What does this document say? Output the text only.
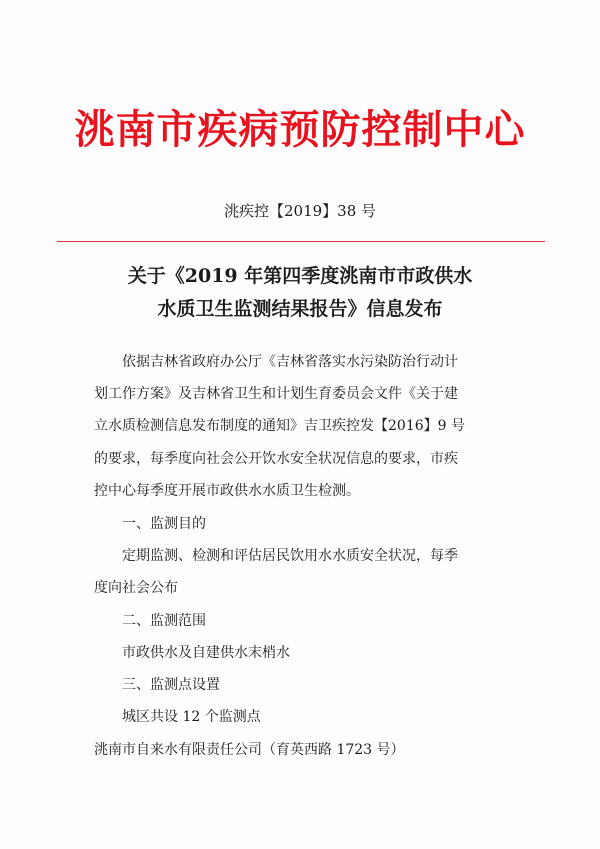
洮南市疾病预防控制中心
洮疾控【2019】38 号
关于《2019 年第四季度洮南市市政供水
水质卫生监测结果报告》信息发布
依据吉林省政府办公厅《吉林省落实水污染防治行动计
划工作方案》及吉林省卫生和计划生育委员会文件《关于建
立水质检测信息发布制度的通知》吉卫疾控发【2016】9 号
的要求，每季度向社会公开饮水安全状况信息的要求，市疾
控中心每季度开展市政供水水质卫生检测。
一、监测目的
定期监测、检测和评估居民饮用水水质安全状况，每季
度向社会公布
二、监测范围
市政供水及自建供水末梢水
三、监测点设置
城区共设 12 个监测点
洮南市自来水有限责任公司（育英西路 1723 号）
